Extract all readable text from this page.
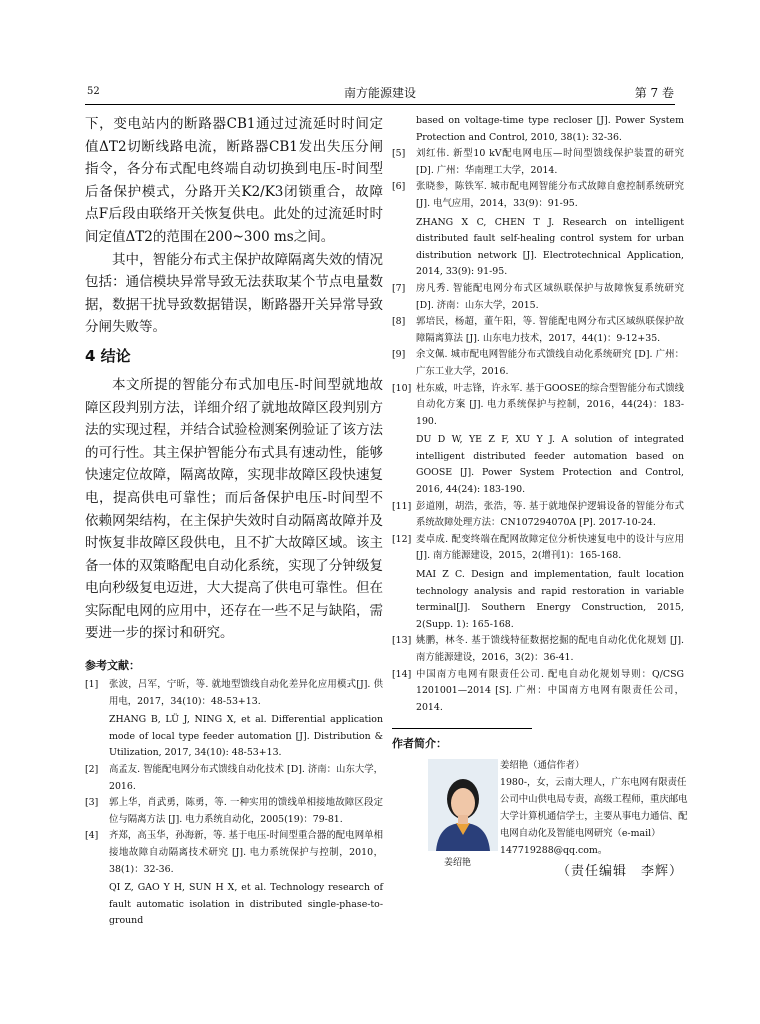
52	南方能源建设	第 7 卷

下，变电站内的断路器CB1通过过流延时时间定值ΔT2切断线路电流，断路器CB1发出失压分闸指令，各分布式配电终端自动切换到电压-时间型后备保护模式，分路开关K2/K3闭锁重合，故障点F后段由联络开关恢复供电。此处的过流延时时间定值ΔT2的范围在200~300 ms之间。

其中，智能分布式主保护故障隔离失效的情况包括：通信模块异常导致无法获取某个节点电量数据，数据干扰导致数据错误，断路器开关异常导致分闸失败等。

4 结论

本文所提的智能分布式加电压-时间型就地故障区段判别方法，详细介绍了就地故障区段判别方法的实现过程，并结合试验检测案例验证了该方法的可行性。其主保护智能分布式具有速动性，能够快速定位故障，隔离故障，实现非故障区段快速复电，提高供电可靠性；而后备保护电压-时间型不依赖网架结构，在主保护失效时自动隔离故障并及时恢复非故障区段供电，且不扩大故障区域。该主备一体的双策略配电自动化系统，实现了分钟级复电向秒级复电迈进，大大提高了供电可靠性。但在实际配电网的应用中，还存在一些不足与缺陷，需要进一步的探讨和研究。

参考文献：
[1]	张波，吕军，宁昕，等. 就地型馈线自动化差异化应用模式[J]. 供用电，2017，34(10)：48-53+13.

ZHANG B, LÜ J, NING X, et al. Differential application mode of local type feeder automation [J]. Distribution & Utilization, 2017, 34(10): 48-53+13.

[2]	高孟友. 智能配电网分布式馈线自动化技术 [D]. 济南：山东大学，2016.

[3]	郭上华，肖武勇，陈勇，等. 一种实用的馈线单相接地故障区段定位与隔离方法 [J]. 电力系统自动化，2005(19)：79-81.

[4]	齐郑，高玉华，孙海新，等. 基于电压-时间型重合器的配电网单相接地故障自动隔离技术研究 [J]. 电力系统保护与控制，2010，38(1)：32-36.

QI Z, GAO Y H, SUN H X, et al. Technology research of fault automatic isolation in distributed single-phase-to-ground

based on voltage-time type recloser [J]. Power System Protection and Control, 2010, 38(1): 32-36.

[5]	刘红伟. 新型10 kV配电网电压—时间型馈线保护装置的研究 [D]. 广州：华南理工大学，2014.

[6]	张晓参，陈铁军. 城市配电网智能分布式故障自愈控制系统研究 [J]. 电气应用，2014，33(9)：91-95.

ZHANG X C, CHEN T J. Research on intelligent distributed fault self-healing control system for urban distribution network [J]. Electrotechnical Application, 2014, 33(9): 91-95.

[7]	房凡秀. 智能配电网分布式区域纵联保护与故障恢复系统研究 [D]. 济南：山东大学，2015.

[8]	郭培民，杨超，董午阳，等. 智能配电网分布式区域纵联保护故障隔离算法 [J]. 山东电力技术，2017，44(1)：9-12+35.

[9]	余文佩. 城市配电网智能分布式馈线自动化系统研究 [D]. 广州：广东工业大学，2016.

[10] 杜东威，叶志锋，许永军. 基于GOOSE的综合型智能分布式馈线自动化方案 [J]. 电力系统保护与控制，2016，44(24)：183-190.

DU D W, YE Z F, XU Y J. A solution of integrated intelligent distributed feeder automation based on GOOSE [J]. Power System Protection and Control, 2016, 44(24): 183-190.

[11] 彭道刚，胡浩，张浩，等. 基于就地保护逻辑设备的智能分布式系统故障处理方法：CN107294070A [P]. 2017-10-24.

[12] 麦卓成. 配变终端在配网故障定位分析快速复电中的设计与应用 [J]. 南方能源建设，2015，2(增刊1)：165-168.

MAI Z C. Design and implementation, fault location technology analysis and rapid restoration in variable terminal[J]. Southern Energy Construction, 2015, 2(Supp. 1): 165-168.

[13] 姚鹏，林冬. 基于馈线特征数据挖掘的配电自动化优化规划 [J]. 南方能源建设，2016，3(2)：36-41.

[14] 中国南方电网有限责任公司. 配电自动化规划导则：Q/CSG 1201001—2014 [S]. 广州：中国南方电网有限责任公司，2014.

作者简介：
姜绍艳
姜绍艳（通信作者）
1980-，女，云南大理人，广东电网有限责任公司中山供电局专责，高级工程师，重庆邮电大学计算机通信学士，主要从事电力通信、配电网自动化及智能电网研究（e-mail）147719288@qq.com。
（责任编辑　李辉）
